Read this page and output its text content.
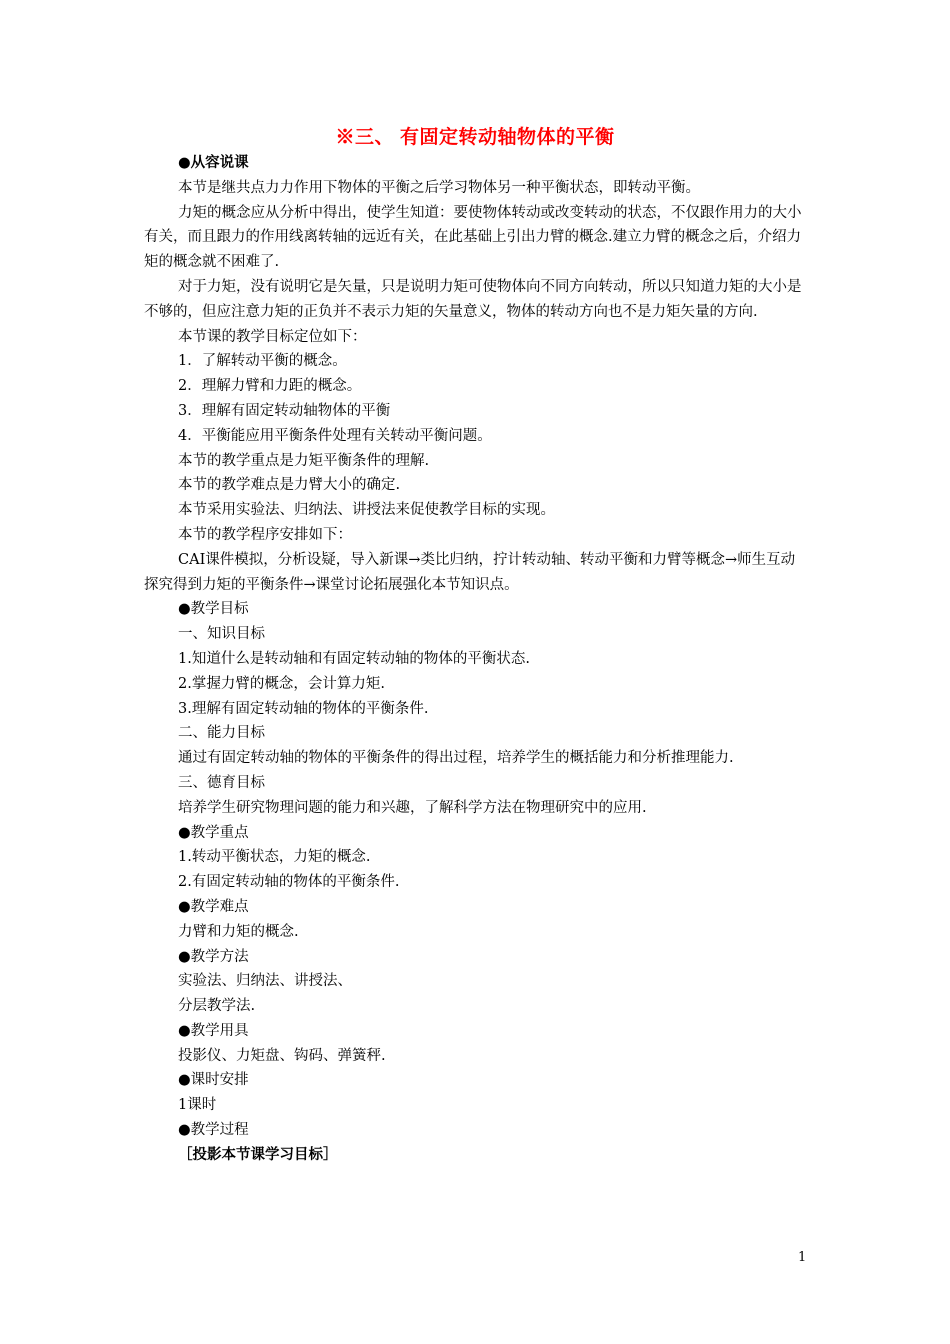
※三、 有固定转动轴物体的平衡

● 从容说课

本节是继共点力力作用下物体的平衡之后学习物体另一种平衡状态，即转动平衡。

力矩的概念应从分析中得出，使学生知道：要使物体转动或改变转动的状态，不仅跟作用力的大小有关，而且跟力的作用线离转轴的远近有关，在此基础上引出力臂的概念.建立力臂的概念之后，介绍力矩的概念就不困难了.

对于力矩，没有说明它是矢量，只是说明力矩可使物体向不同方向转动，所以只知道力矩的大小是不够的，但应注意力矩的正负并不表示力矩的矢量意义，物体的转动方向也不是力矩矢量的方向.

本节课的教学目标定位如下：

1．了解转动平衡的概念。

2．理解力臂和力距的概念。

3．理解有固定转动轴物体的平衡

4．平衡能应用平衡条件处理有关转动平衡问题。

本节的教学重点是力矩平衡条件的理解.

本节的教学难点是力臂大小的确定.

本节采用实验法、归纳法、讲授法来促使教学目标的实现。

本节的教学程序安排如下：

CAI课件模拟，分析设疑，导入新课→类比归纳，拧计转动轴、转动平衡和力臂等概念→师生互动探究得到力矩的平衡条件→课堂讨论拓展强化本节知识点。

● 教学目标

一、知识目标

1.知道什么是转动轴和有固定转动轴的物体的平衡状态.

2.掌握力臂的概念，会计算力矩.

3.理解有固定转动轴的物体的平衡条件.

二、能力目标

通过有固定转动轴的物体的平衡条件的得出过程，培养学生的概括能力和分析推理能力.

三、德育目标

培养学生研究物理问题的能力和兴趣，了解科学方法在物理研究中的应用.

● 教学重点

1.转动平衡状态，力矩的概念.

2.有固定转动轴的物体的平衡条件.

● 教学难点

力臂和力矩的概念.

● 教学方法

实验法、归纳法、讲授法、

分层教学法.

● 教学用具

投影仪、力矩盘、钩码、弹簧秤.

● 课时安排

1课时

● 教学过程

［投影本节课学习目标］

1
